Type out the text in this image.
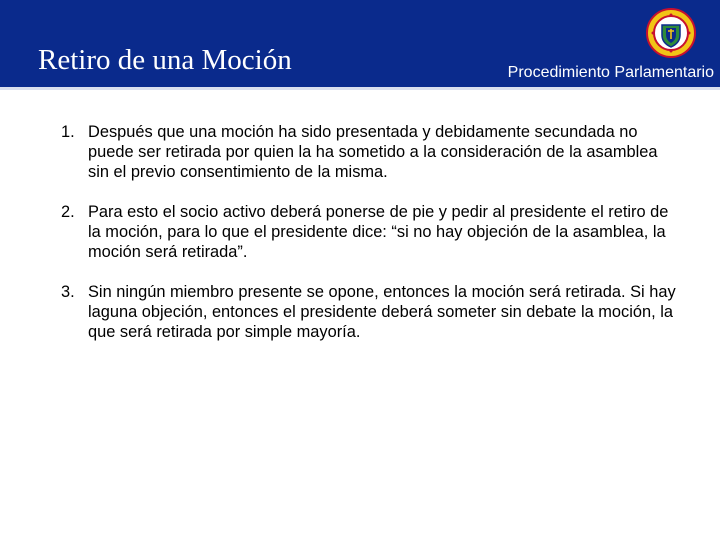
Retiro de una Moción	Procedimiento Parlamentario
1. Después que una moción ha sido presentada y debidamente secundada no puede ser retirada por quien la ha sometido a la consideración de la asamblea sin el previo consentimiento de la misma.
2. Para esto el socio activo deberá ponerse de pie y pedir al presidente el retiro de la moción, para lo que el presidente dice: “si no hay objeción de la asamblea, la moción será retirada”.
3. Sin ningún miembro presente se opone, entonces la moción será retirada. Si hay laguna objeción, entonces el presidente deberá someter sin debate la moción, la que será retirada por simple mayoría.
